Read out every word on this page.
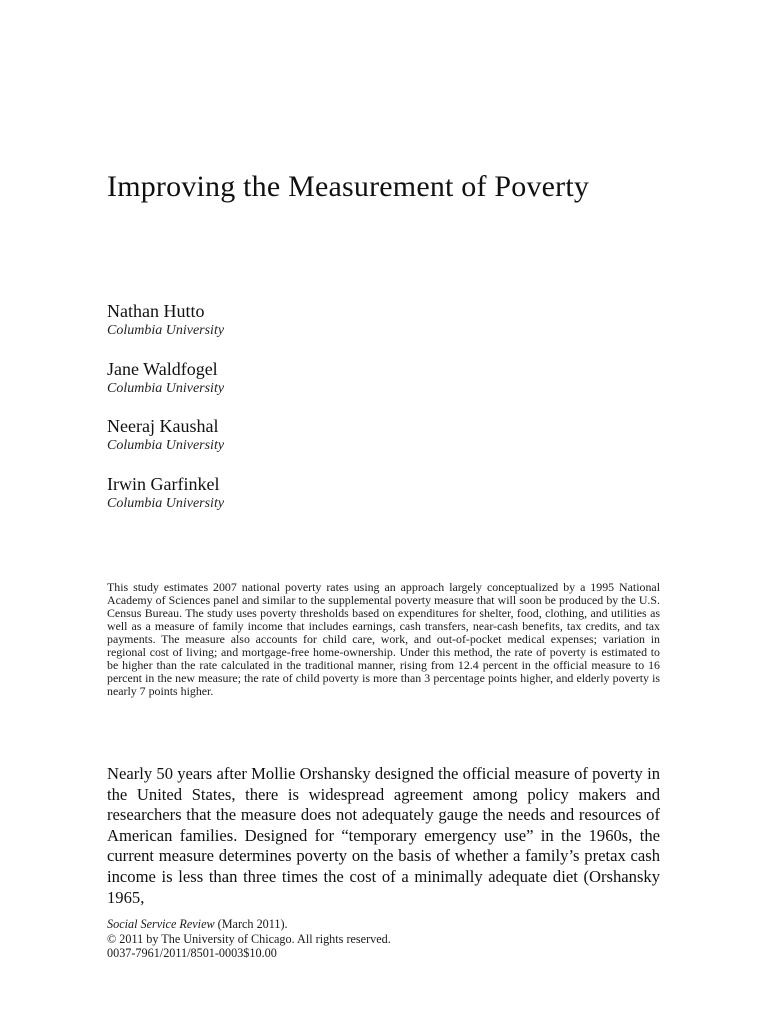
Improving the Measurement of Poverty
Nathan Hutto
Columbia University
Jane Waldfogel
Columbia University
Neeraj Kaushal
Columbia University
Irwin Garfinkel
Columbia University

This study estimates 2007 national poverty rates using an approach largely conceptualized by a 1995 National Academy of Sciences panel and similar to the supplemental poverty measure that will soon be produced by the U.S. Census Bureau. The study uses poverty thresholds based on expenditures for shelter, food, clothing, and utilities as well as a measure of family income that includes earnings, cash transfers, near-cash benefits, tax credits, and tax payments. The measure also accounts for child care, work, and out-of-pocket medical expenses; variation in regional cost of living; and mortgage-free home-ownership. Under this method, the rate of poverty is estimated to be higher than the rate calculated in the traditional manner, rising from 12.4 percent in the official measure to 16 percent in the new measure; the rate of child poverty is more than 3 percentage points higher, and elderly poverty is nearly 7 points higher.

Nearly 50 years after Mollie Orshansky designed the official measure of poverty in the United States, there is widespread agreement among policy makers and researchers that the measure does not adequately gauge the needs and resources of American families. Designed for “temporary emergency use” in the 1960s, the current measure determines poverty on the basis of whether a family’s pretax cash income is less than three times the cost of a minimally adequate diet (Orshansky 1965,

Social Service Review (March 2011).
© 2011 by The University of Chicago. All rights reserved.
0037-7961/2011/8501-0003$10.00
